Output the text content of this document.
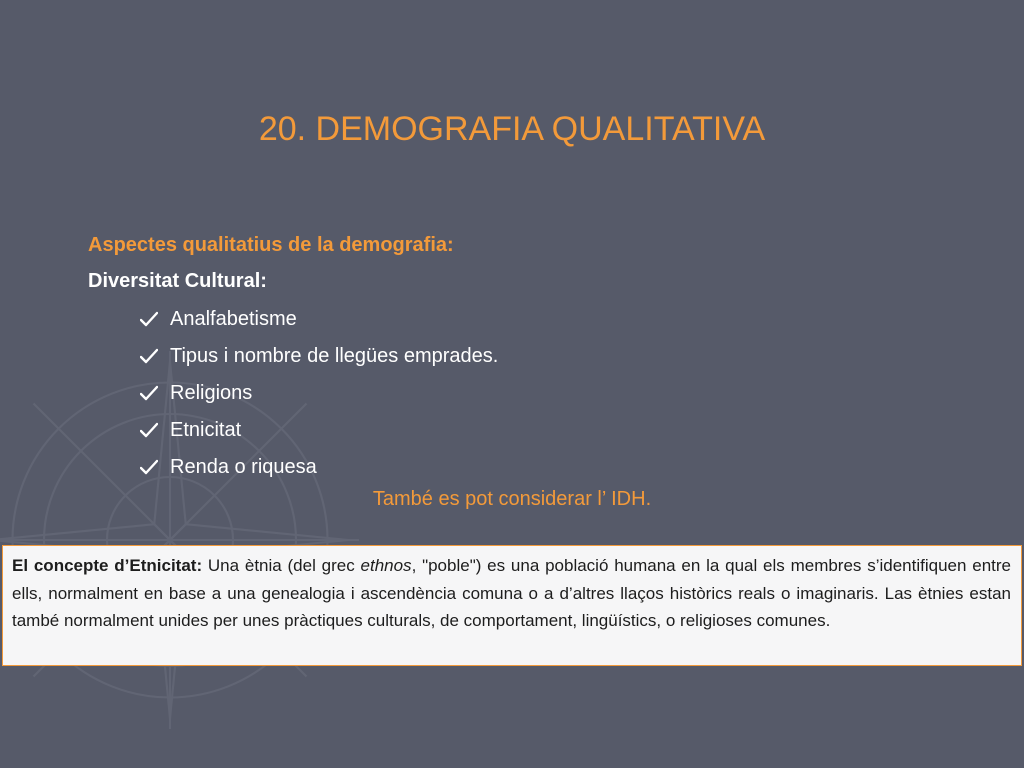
20. DEMOGRAFIA QUALITATIVA
Aspectes qualitatius de la demografia:
Diversitat Cultural:
Analfabetisme
Tipus i nombre de llegües emprades.
Religions
Etnicitat
Renda o riquesa
També es pot considerar l’ IDH.
El concepte d’Etnicitat: Una ètnia (del grec ethnos, "poble") es una població humana en la qual els membres s’identifiquen entre ells, normalment en base a una genealogia i ascendència comuna o a d’altres llaços històrics reals o imaginaris. Las ètnies estan també normalment unides per unes pràctiques culturals, de comportament, lingüístics, o religioses comunes.
